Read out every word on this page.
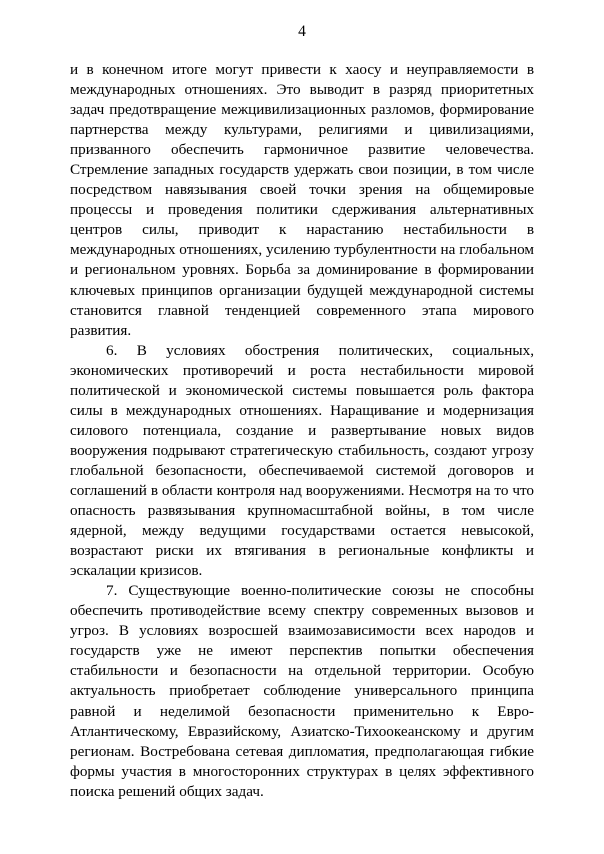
4

и в конечном итоге могут привести к хаосу и неуправляемости в международных отношениях. Это выводит в разряд приоритетных задач предотвращение межцивилизационных разломов, формирование партнерства между культурами, религиями и цивилизациями, призванного обеспечить гармоничное развитие человечества. Стремление западных государств удержать свои позиции, в том числе посредством навязывания своей точки зрения на общемировые процессы и проведения политики сдерживания альтернативных центров силы, приводит к нарастанию нестабильности в международных отношениях, усилению турбулентности на глобальном и региональном уровнях. Борьба за доминирование в формировании ключевых принципов организации будущей международной системы становится главной тенденцией современного этапа мирового развития.

6. В условиях обострения политических, социальных, экономических противоречий и роста нестабильности мировой политической и экономической системы повышается роль фактора силы в международных отношениях. Наращивание и модернизация силового потенциала, создание и развертывание новых видов вооружения подрывают стратегическую стабильность, создают угрозу глобальной безопасности, обеспечиваемой системой договоров и соглашений в области контроля над вооружениями. Несмотря на то что опасность развязывания крупномасштабной войны, в том числе ядерной, между ведущими государствами остается невысокой, возрастают риски их втягивания в региональные конфликты и эскалации кризисов.

7. Существующие военно-политические союзы не способны обеспечить противодействие всему спектру современных вызовов и угроз. В условиях возросшей взаимозависимости всех народов и государств уже не имеют перспектив попытки обеспечения стабильности и безопасности на отдельной территории. Особую актуальность приобретает соблюдение универсального принципа равной и неделимой безопасности применительно к Евро-Атлантическому, Евразийскому, Азиатско-Тихоокеанскому и другим регионам. Востребована сетевая дипломатия, предполагающая гибкие формы участия в многосторонних структурах в целях эффективного поиска решений общих задач.
